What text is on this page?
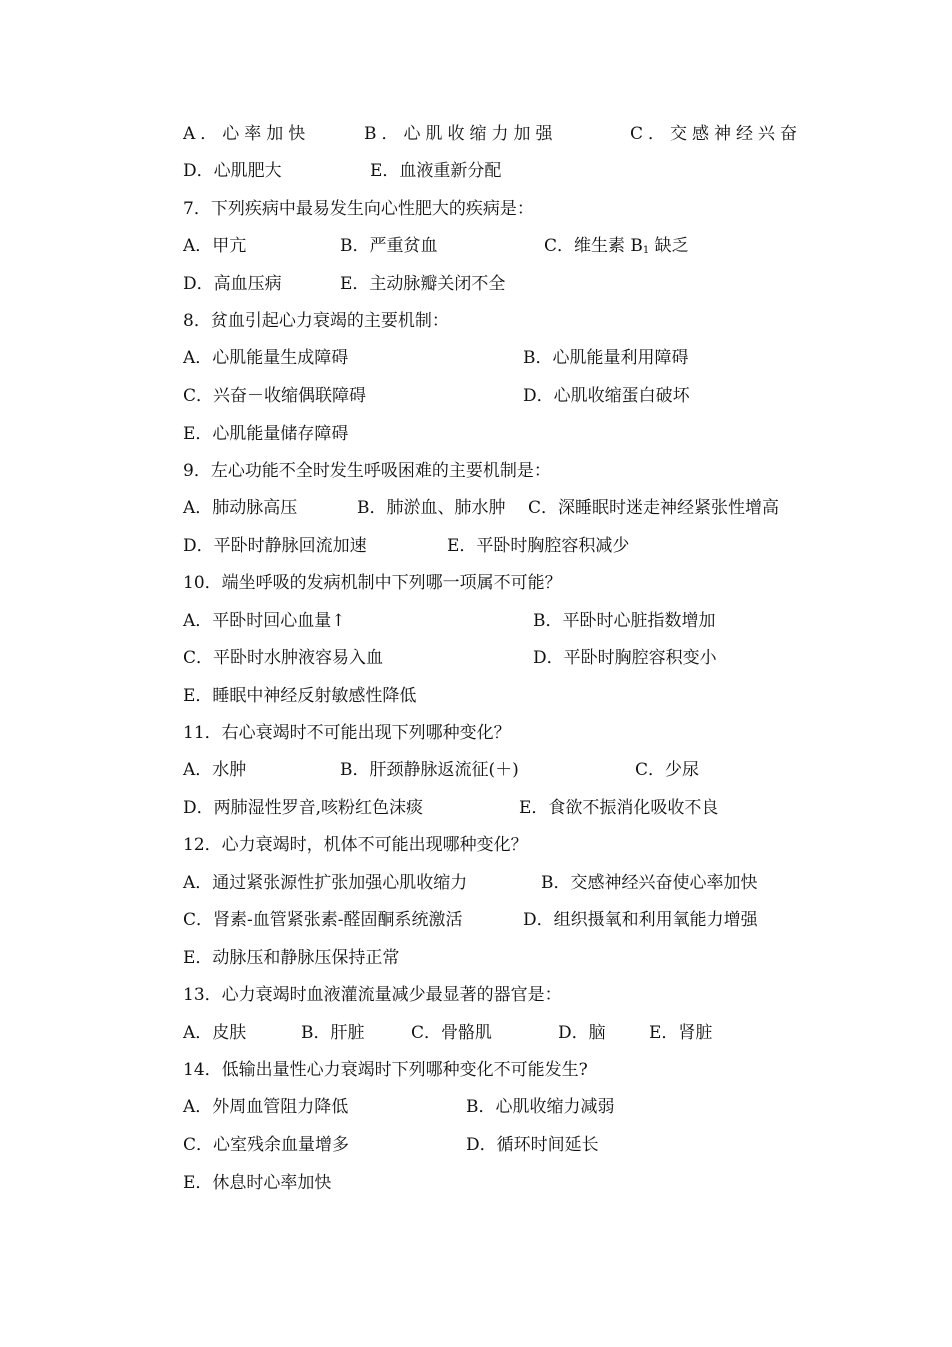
A．心率加快	B．心肌收缩力加强	C．交感神经兴奋
D．心肌肥大	E．血液重新分配
7．下列疾病中最易发生向心性肥大的疾病是：
A．甲亢	B．严重贫血	C．维生素 $B_1$ 缺乏
D．高血压病	E．主动脉瓣关闭不全
8．贫血引起心力衰竭的主要机制：
A．心肌能量生成障碍	B．心肌能量利用障碍
C．兴奋－收缩偶联障碍	D．心肌收缩蛋白破坏
E．心肌能量储存障碍
9．左心功能不全时发生呼吸困难的主要机制是：
A．肺动脉高压	B．肺淤血、肺水肿 C．深睡眠时迷走神经紧张性增高
D．平卧时静脉回流加速	E．平卧时胸腔容积减少
10．端坐呼吸的发病机制中下列哪一项属不可能？
A．平卧时回心血量↑	B．平卧时心脏指数增加
C．平卧时水肿液容易入血	D．平卧时胸腔容积变小
E．睡眠中神经反射敏感性降低
11．右心衰竭时不可能出现下列哪种变化？
A．水肿	B．肝颈静脉返流征(＋)	C．少尿
D．两肺湿性罗音,咳粉红色沫痰	E．食欲不振消化吸收不良
12．心力衰竭时，机体不可能出现哪种变化？
A．通过紧张源性扩张加强心肌收缩力	B．交感神经兴奋使心率加快
C．肾素-血管紧张素-醛固酮系统激活	D．组织摄氧和利用氧能力增强
E．动脉压和静脉压保持正常
13．心力衰竭时血液灌流量减少最显著的器官是：
A．皮肤	B．肝脏	C．骨骼肌	D．脑	E．肾脏
14．低输出量性心力衰竭时下列哪种变化不可能发生?
A．外周血管阻力降低	B．心肌收缩力减弱
C．心室残余血量增多	D．循环时间延长
E．休息时心率加快
